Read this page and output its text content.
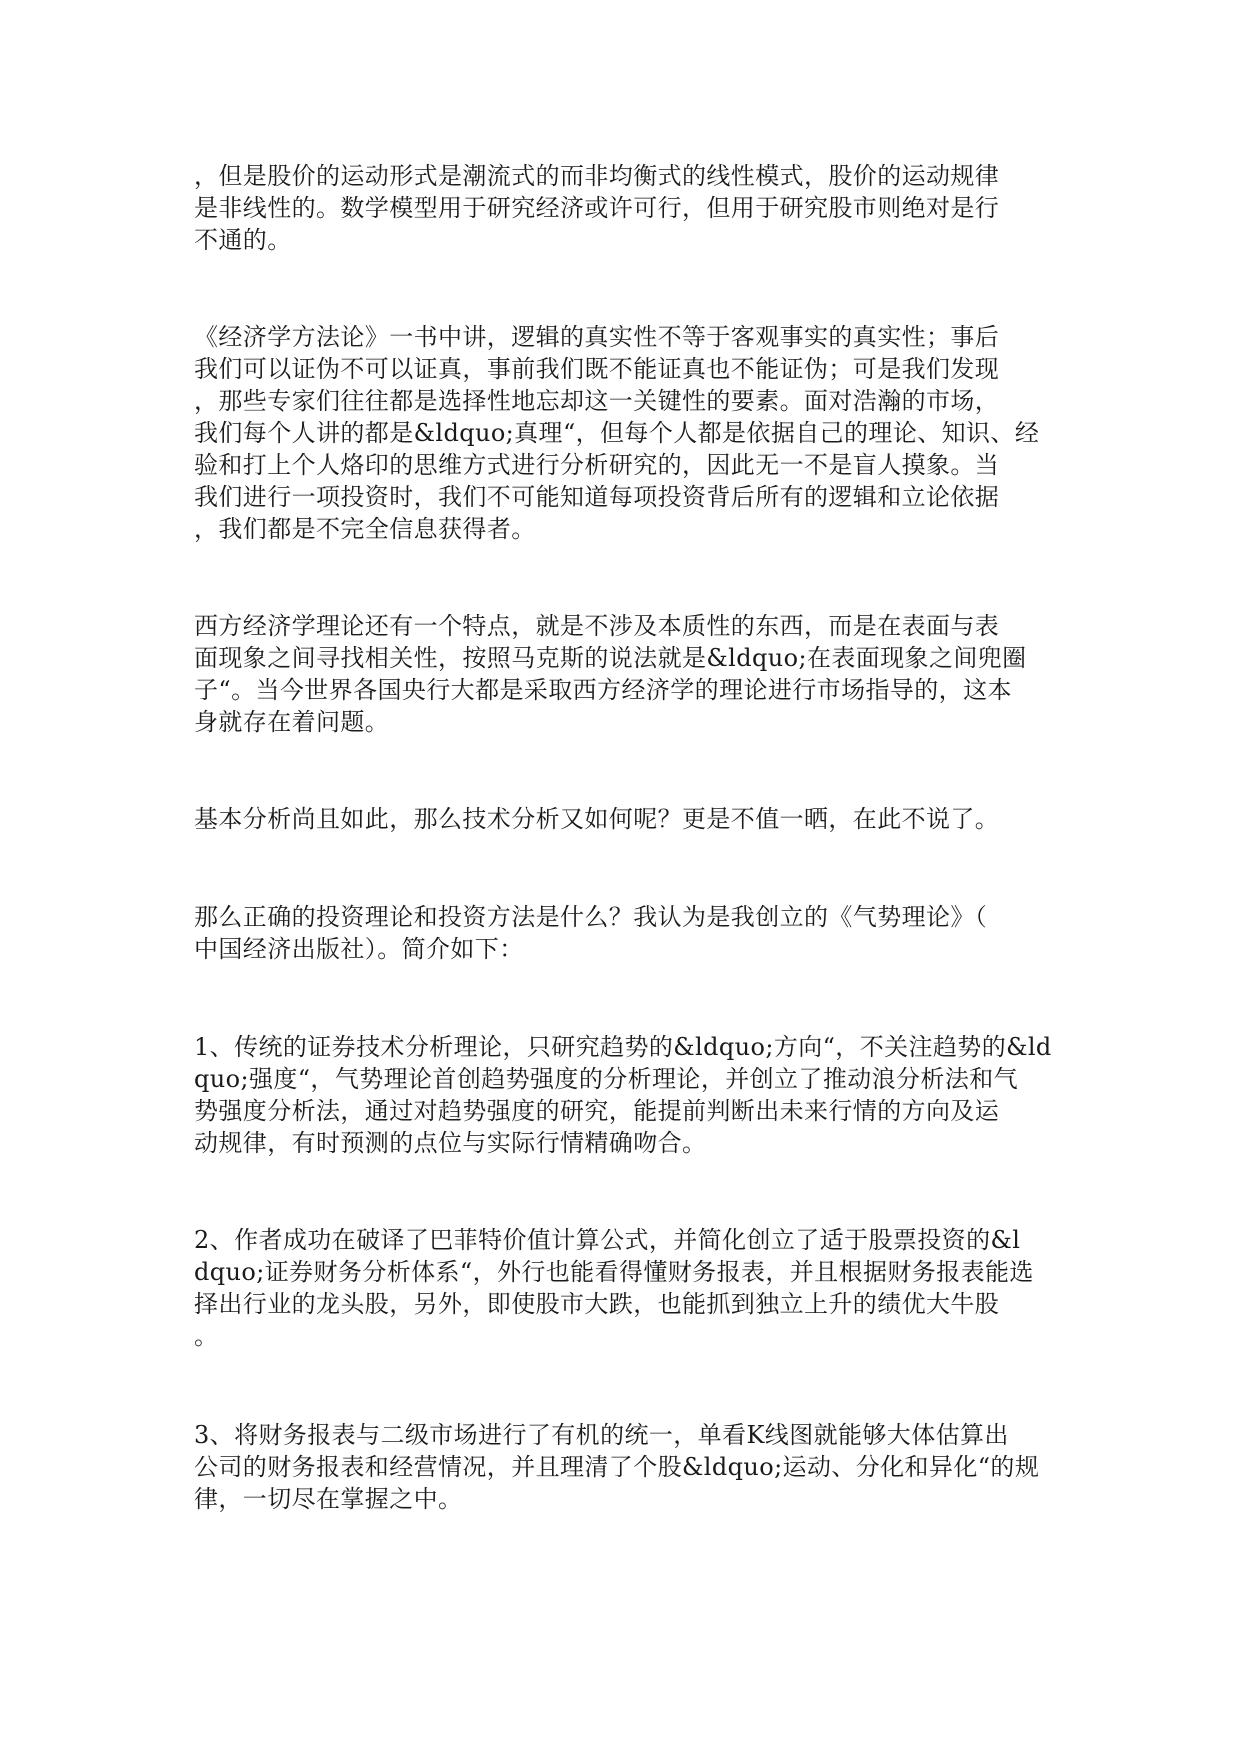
，但是股价的运动形式是潮流式的而非均衡式的线性模式，股价的运动规律
是非线性的。数学模型用于研究经济或许可行，但用于研究股市则绝对是行
不通的。

《经济学方法论》一书中讲，逻辑的真实性不等于客观事实的真实性；事后
我们可以证伪不可以证真，事前我们既不能证真也不能证伪；可是我们发现
，那些专家们往往都是选择性地忘却这一关键性的要素。面对浩瀚的市场，
我们每个人讲的都是&ldquo;真理“，但每个人都是依据自己的理论、知识、经
验和打上个人烙印的思维方式进行分析研究的，因此无一不是盲人摸象。当
我们进行一项投资时，我们不可能知道每项投资背后所有的逻辑和立论依据
，我们都是不完全信息获得者。

西方经济学理论还有一个特点，就是不涉及本质性的东西，而是在表面与表
面现象之间寻找相关性，按照马克斯的说法就是&ldquo;在表面现象之间兜圈
子“。当今世界各国央行大都是采取西方经济学的理论进行市场指导的，这本
身就存在着问题。

基本分析尚且如此，那么技术分析又如何呢？更是不值一晒，在此不说了。

那么正确的投资理论和投资方法是什么？我认为是我创立的《气势理论》（
中国经济出版社）。简介如下：

1、传统的证券技术分析理论，只研究趋势的&ldquo;方向“，不关注趋势的&ld
quo;强度“，气势理论首创趋势强度的分析理论，并创立了推动浪分析法和气
势强度分析法，通过对趋势强度的研究，能提前判断出未来行情的方向及运
动规律，有时预测的点位与实际行情精确吻合。

2、作者成功在破译了巴菲特价值计算公式，并简化创立了适于股票投资的&l
dquo;证券财务分析体系“，外行也能看得懂财务报表，并且根据财务报表能选
择出行业的龙头股，另外，即使股市大跌，也能抓到独立上升的绩优大牛股
。

3、将财务报表与二级市场进行了有机的统一，单看K线图就能够大体估算出
公司的财务报表和经营情况，并且理清了个股&ldquo;运动、分化和异化“的规
律，一切尽在掌握之中。
